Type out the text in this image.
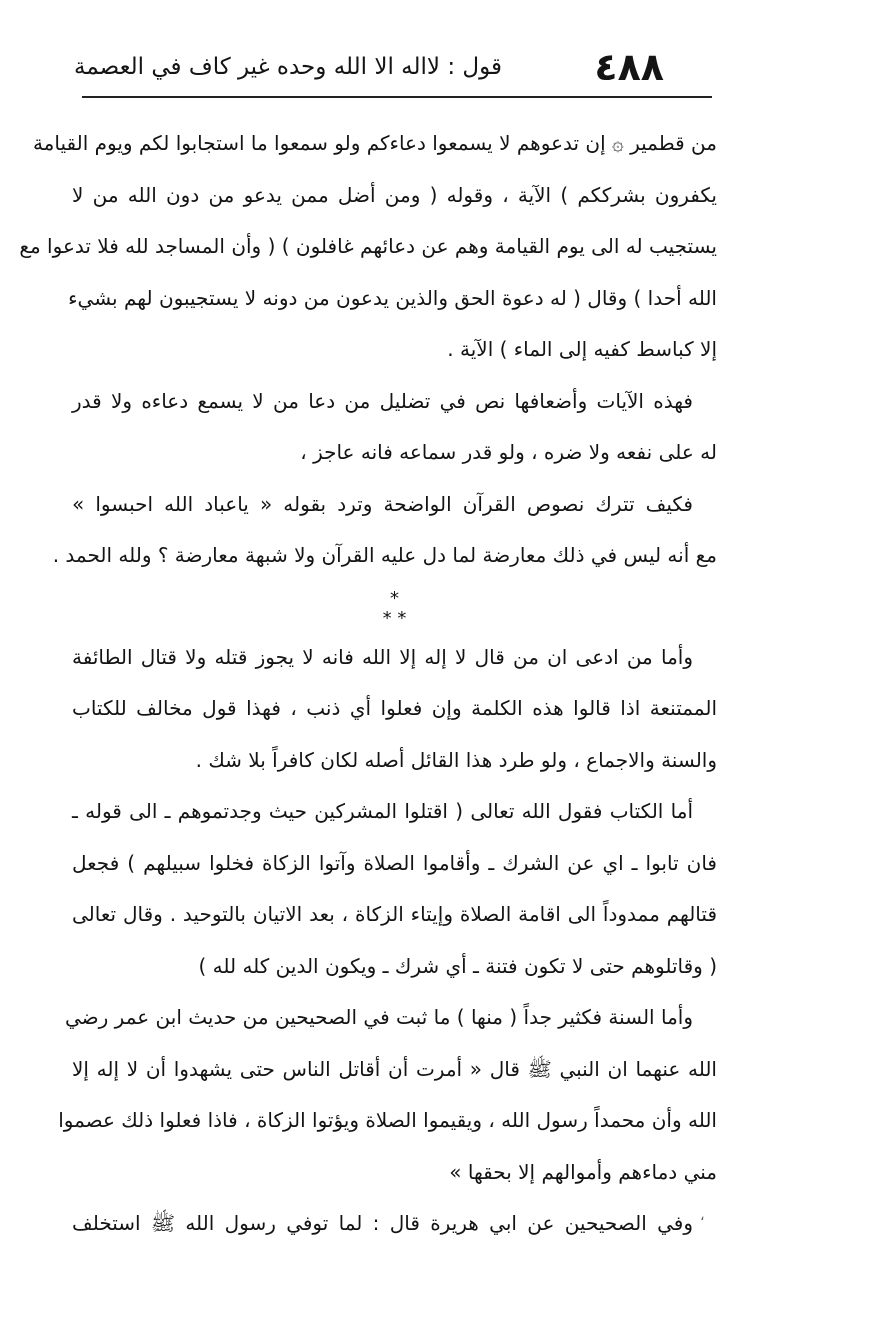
٤٨٨
قول : لااله الا الله وحده غير كاف في العصمة
من قطمير ۞ إن تدعوهم لا يسمعوا دعاءكم ولو سمعوا ما استجابوا لكم ويوم القيامة
يكفرون بشرككم ) الآية ، وقوله ( ومن أضل ممن يدعو من دون الله من لا
يستجيب له الى يوم القيامة وهم عن دعائهم غافلون ) ( وأن المساجد لله فلا تدعوا مع
الله أحدا ) وقال ( له دعوة الحق والذين يدعون من دونه لا يستجيبون لهم بشيء
إلا كباسط كفيه إلى الماء ) الآية .
فهذه الآيات وأضعافها نص في تضليل من دعا من لا يسمع دعاءه ولا قدر
له على نفعه ولا ضره ، ولو قدر سماعه فانه عاجز ،
فكيف تترك نصوص القرآن الواضحة وترد بقوله « ياعباد الله احبسوا »
مع أنه ليس في ذلك معارضة لما دل عليه القرآن ولا شبهة معارضة ؟ ولله الحمد .
*
* *
وأما من ادعى ان من قال لا إله إلا الله فانه لا يجوز قتله ولا قتال الطائفة
الممتنعة اذا قالوا هذه الكلمة وإن فعلوا أي ذنب ، فهذا قول مخالف للكتاب
والسنة والاجماع ، ولو طرد هذا القائل أصله لكان كافراً بلا شك .
أما الكتاب فقول الله تعالى ( اقتلوا المشركين حيث وجدتموهم ـ الى قوله ـ
فان تابوا ـ اي عن الشرك ـ وأقاموا الصلاة وآتوا الزكاة فخلوا سبيلهم ) فجعل
قتالهم ممدوداً الى اقامة الصلاة وإيتاء الزكاة ، بعد الاتيان بالتوحيد . وقال تعالى
( وقاتلوهم حتى لا تكون فتنة ـ أي شرك ـ ويكون الدين كله لله )
وأما السنة فكثير جداً ( منها ) ما ثبت في الصحيحين من حديث ابن عمر رضي
الله عنهما ان النبي ﷺ قال « أمرت أن أقاتل الناس حتى يشهدوا أن لا إله إلا
الله وأن محمداً رسول الله ، ويقيموا الصلاة ويؤتوا الزكاة ، فاذا فعلوا ذلك عصموا
مني دماءهم وأموالهم إلا بحقها »
وفي الصحيحين عن ابي هريرة قال : لما توفي رسول الله ﷺ استخلف ،
